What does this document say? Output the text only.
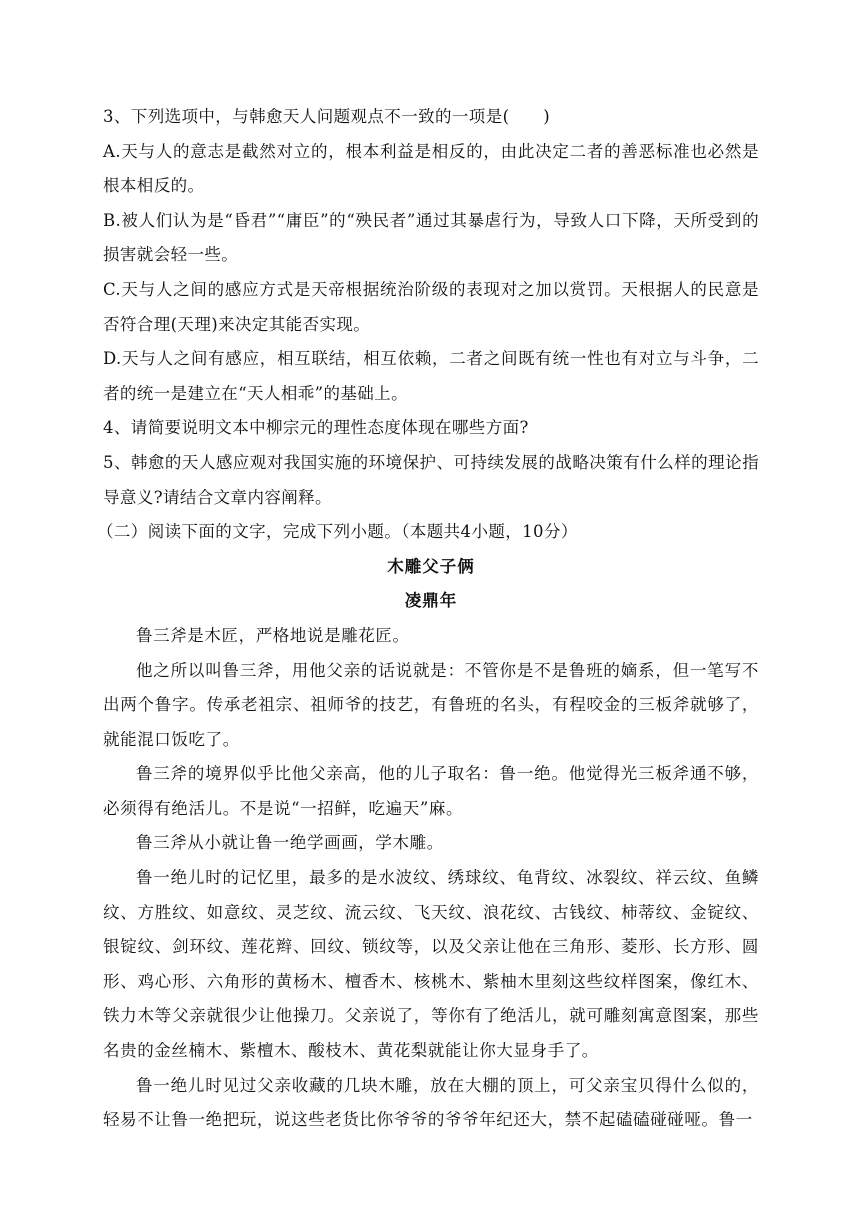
3、下列选项中，与韩愈天人问题观点不一致的一项是(　　)

A.天与人的意志是截然对立的，根本利益是相反的，由此决定二者的善恶标准也必然是根本相反的。

B.被人们认为是“昏君”“庸臣”的“殃民者”通过其暴虐行为，导致人口下降，天所受到的损害就会轻一些。

C.天与人之间的感应方式是天帝根据统治阶级的表现对之加以赏罚。天根据人的民意是否符合理(天理)来决定其能否实现。

D.天与人之间有感应，相互联结，相互依赖，二者之间既有统一性也有对立与斗争，二者的统一是建立在“天人相乖”的基础上。

4、请简要说明文本中柳宗元的理性态度体现在哪些方面?

5、韩愈的天人感应观对我国实施的环境保护、可持续发展的战略决策有什么样的理论指导意义?请结合文章内容阐释。

（二）阅读下面的文字，完成下列小题。（本题共4小题，10分）

木雕父子俩
凌鼎年

鲁三斧是木匠，严格地说是雕花匠。

他之所以叫鲁三斧，用他父亲的话说就是：不管你是不是鲁班的嫡系，但一笔写不出两个鲁字。传承老祖宗、祖师爷的技艺，有鲁班的名头，有程咬金的三板斧就够了，就能混口饭吃了。

鲁三斧的境界似乎比他父亲高，他的儿子取名：鲁一绝。他觉得光三板斧通不够，必须得有绝活儿。不是说“一招鲜，吃遍天”麻。

鲁三斧从小就让鲁一绝学画画，学木雕。

鲁一绝儿时的记忆里，最多的是水波纹、绣球纹、龟背纹、冰裂纹、祥云纹、鱼鳞纹、方胜纹、如意纹、灵芝纹、流云纹、飞天纹、浪花纹、古钱纹、柿蒂纹、金锭纹、银锭纹、剑环纹、莲花辫、回纹、锁纹等，以及父亲让他在三角形、菱形、长方形、圆形、鸡心形、六角形的黄杨木、檀香木、核桃木、紫柚木里刻这些纹样图案，像红木、铁力木等父亲就很少让他操刀。父亲说了，等你有了绝活儿，就可雕刻寓意图案，那些名贵的金丝楠木、紫檀木、酸枝木、黄花梨就能让你大显身手了。

鲁一绝儿时见过父亲收藏的几块木雕，放在大棚的顶上，可父亲宝贝得什么似的，轻易不让鲁一绝把玩，说这些老货比你爷爷的爷爷年纪还大，禁不起磕磕碰碰哑。鲁一
